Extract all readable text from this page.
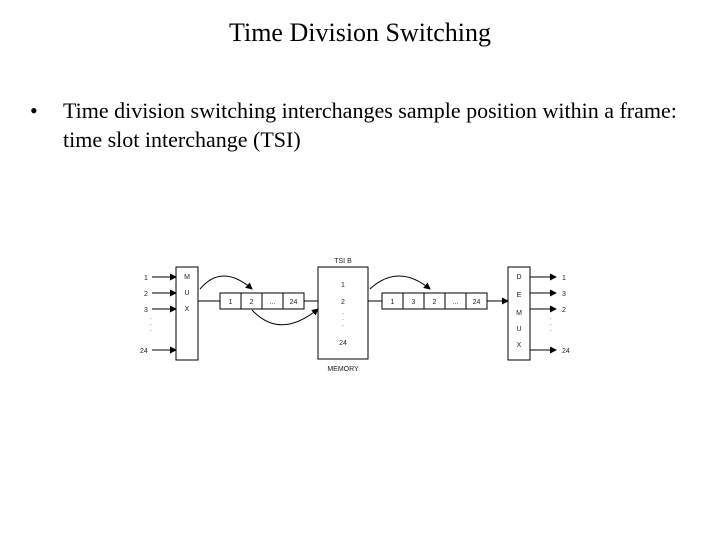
Time Division Switching
•	Time division switching interchanges sample position within a frame: time slot interchange (TSI)
1
2
3
24
.
.
.
M
U
X
1 2 ... 24
TSI B
1
2
24
.
.
.
MEMORY
1 3 2 ... 24
D
E
M
U
X
1
3
2
24
.
.
.
